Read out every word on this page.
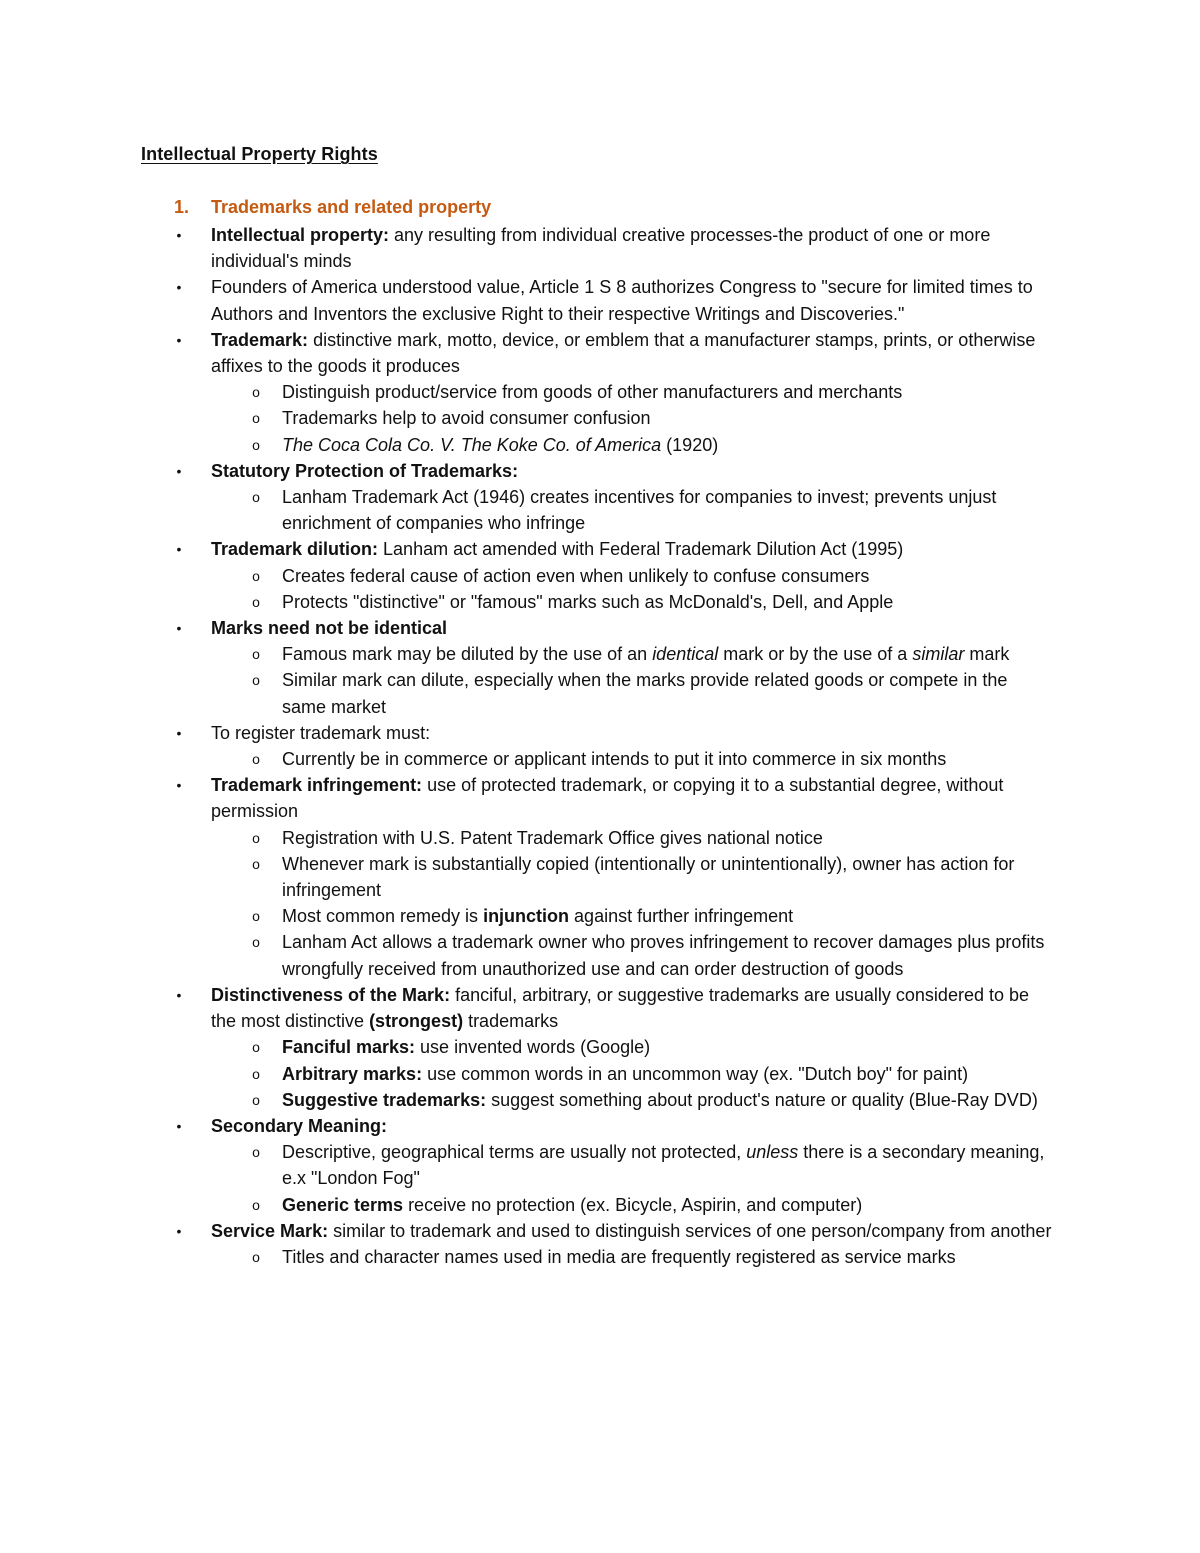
Intellectual Property Rights
1.	Trademarks and related property
•	Intellectual property: any resulting from individual creative processes-the product of one or more individual's minds
•	Founders of America understood value, Article 1 S 8 authorizes Congress to "secure for limited times to Authors and Inventors the exclusive Right to their respective Writings and Discoveries."
•	Trademark: distinctive mark, motto, device, or emblem that a manufacturer stamps, prints, or otherwise affixes to the goods it produces
o	Distinguish product/service from goods of other manufacturers and merchants
o	Trademarks help to avoid consumer confusion
o	The Coca Cola Co. V. The Koke Co. of America (1920)
•	Statutory Protection of Trademarks:
o	Lanham Trademark Act (1946) creates incentives for companies to invest; prevents unjust enrichment of companies who infringe
•	Trademark dilution: Lanham act amended with Federal Trademark Dilution Act (1995)
o	Creates federal cause of action even when unlikely to confuse consumers
o	Protects "distinctive" or "famous" marks such as McDonald's, Dell, and Apple
•	Marks need not be identical
o	Famous mark may be diluted by the use of an identical mark or by the use of a similar mark
o	Similar mark can dilute, especially when the marks provide related goods or compete in the same market
•	To register trademark must:
o	Currently be in commerce or applicant intends to put it into commerce in six months
•	Trademark infringement: use of protected trademark, or copying it to a substantial degree, without permission
o	Registration with U.S. Patent Trademark Office gives national notice
o	Whenever mark is substantially copied (intentionally or unintentionally), owner has action for infringement
o	Most common remedy is injunction against further infringement
o	Lanham Act allows a trademark owner who proves infringement to recover damages plus profits wrongfully received from unauthorized use and can order destruction of goods
•	Distinctiveness of the Mark: fanciful, arbitrary, or suggestive trademarks are usually considered to be the most distinctive (strongest) trademarks
o	Fanciful marks: use invented words (Google)
o	Arbitrary marks: use common words in an uncommon way (ex. "Dutch boy" for paint)
o	Suggestive trademarks: suggest something about product's nature or quality (Blue-Ray DVD)
•	Secondary Meaning:
o	Descriptive, geographical terms are usually not protected, unless there is a secondary meaning, e.x "London Fog"
o	Generic terms receive no protection (ex. Bicycle, Aspirin, and computer)
•	Service Mark: similar to trademark and used to distinguish services of one person/company from another
o	Titles and character names used in media are frequently registered as service marks
